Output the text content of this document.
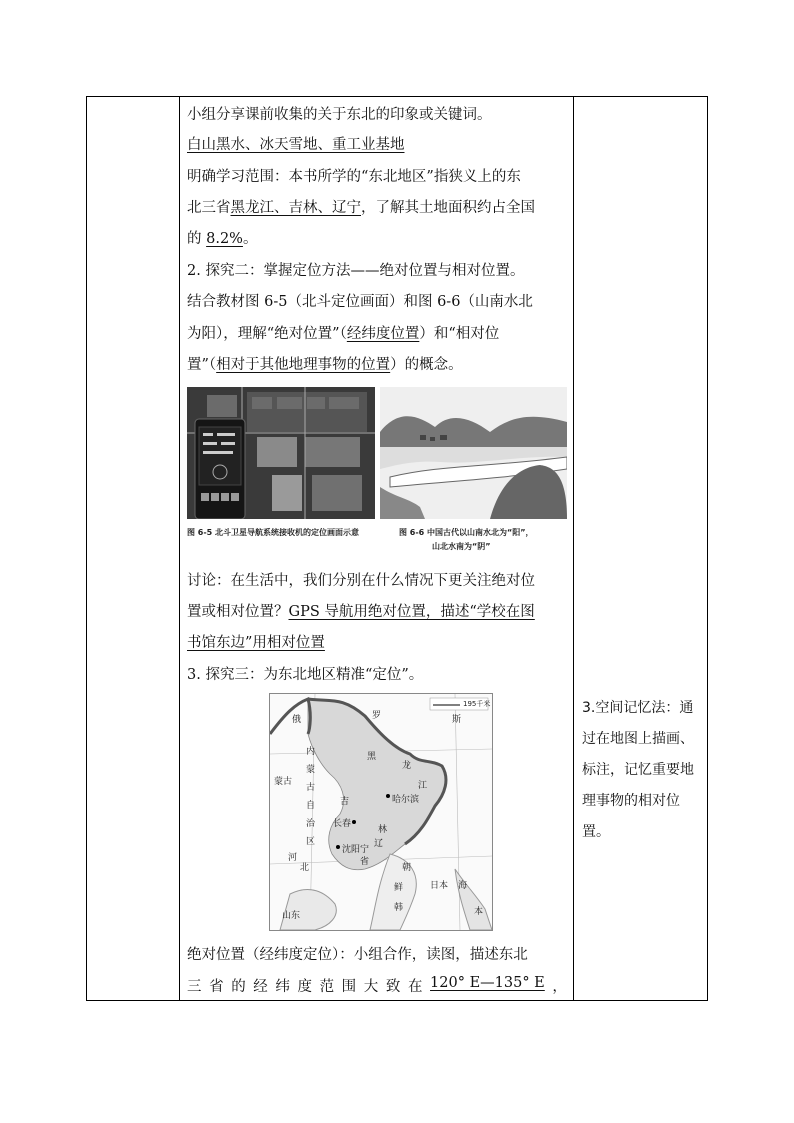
小组分享课前收集的关于东北的印象或关键词。
白山黑水、冰天雪地、重工业基地
明确学习范围：本书所学的“东北地区”指狭义上的东
北三省黑龙江、吉林、辽宁，了解其土地面积约占全国
的 8.2%。
2. 探究二：掌握定位方法——绝对位置与相对位置。
结合教材图 6-5（北斗定位画面）和图 6-6（山南水北
为阳），理解“绝对位置”（经纬度位置）和“相对位
置”（相对于其他地理事物的位置）的概念。
图 6-5 北斗卫星导航系统接收机的定位画面示意	图 6-6 中国古代以山南水北为“阳”，
山北水南为“阴”
讨论：在生活中，我们分别在什么情况下更关注绝对位
置或相对位置？GPS 导航用绝对位置，描述“学校在图
书馆东边”用相对位置
3. 探究三：为东北地区精准“定位”。
195千米
俄	罗	斯
内
蒙
古
自
治
区
蒙古
黑
龙
江
哈尔滨
吉
林
省
长春
沈阳
辽
宁
河
北	朝
鲜	日本 海
韩
山东	本
绝对位置（经纬度定位）：小组合作，读图，描述东北
三 省 的 经 纬 度 范 围 大 致 在 120° E—135° E ，
3.空间记忆法：通
过在地图上描画、
标注，记忆重要地
理事物的相对位
置。
